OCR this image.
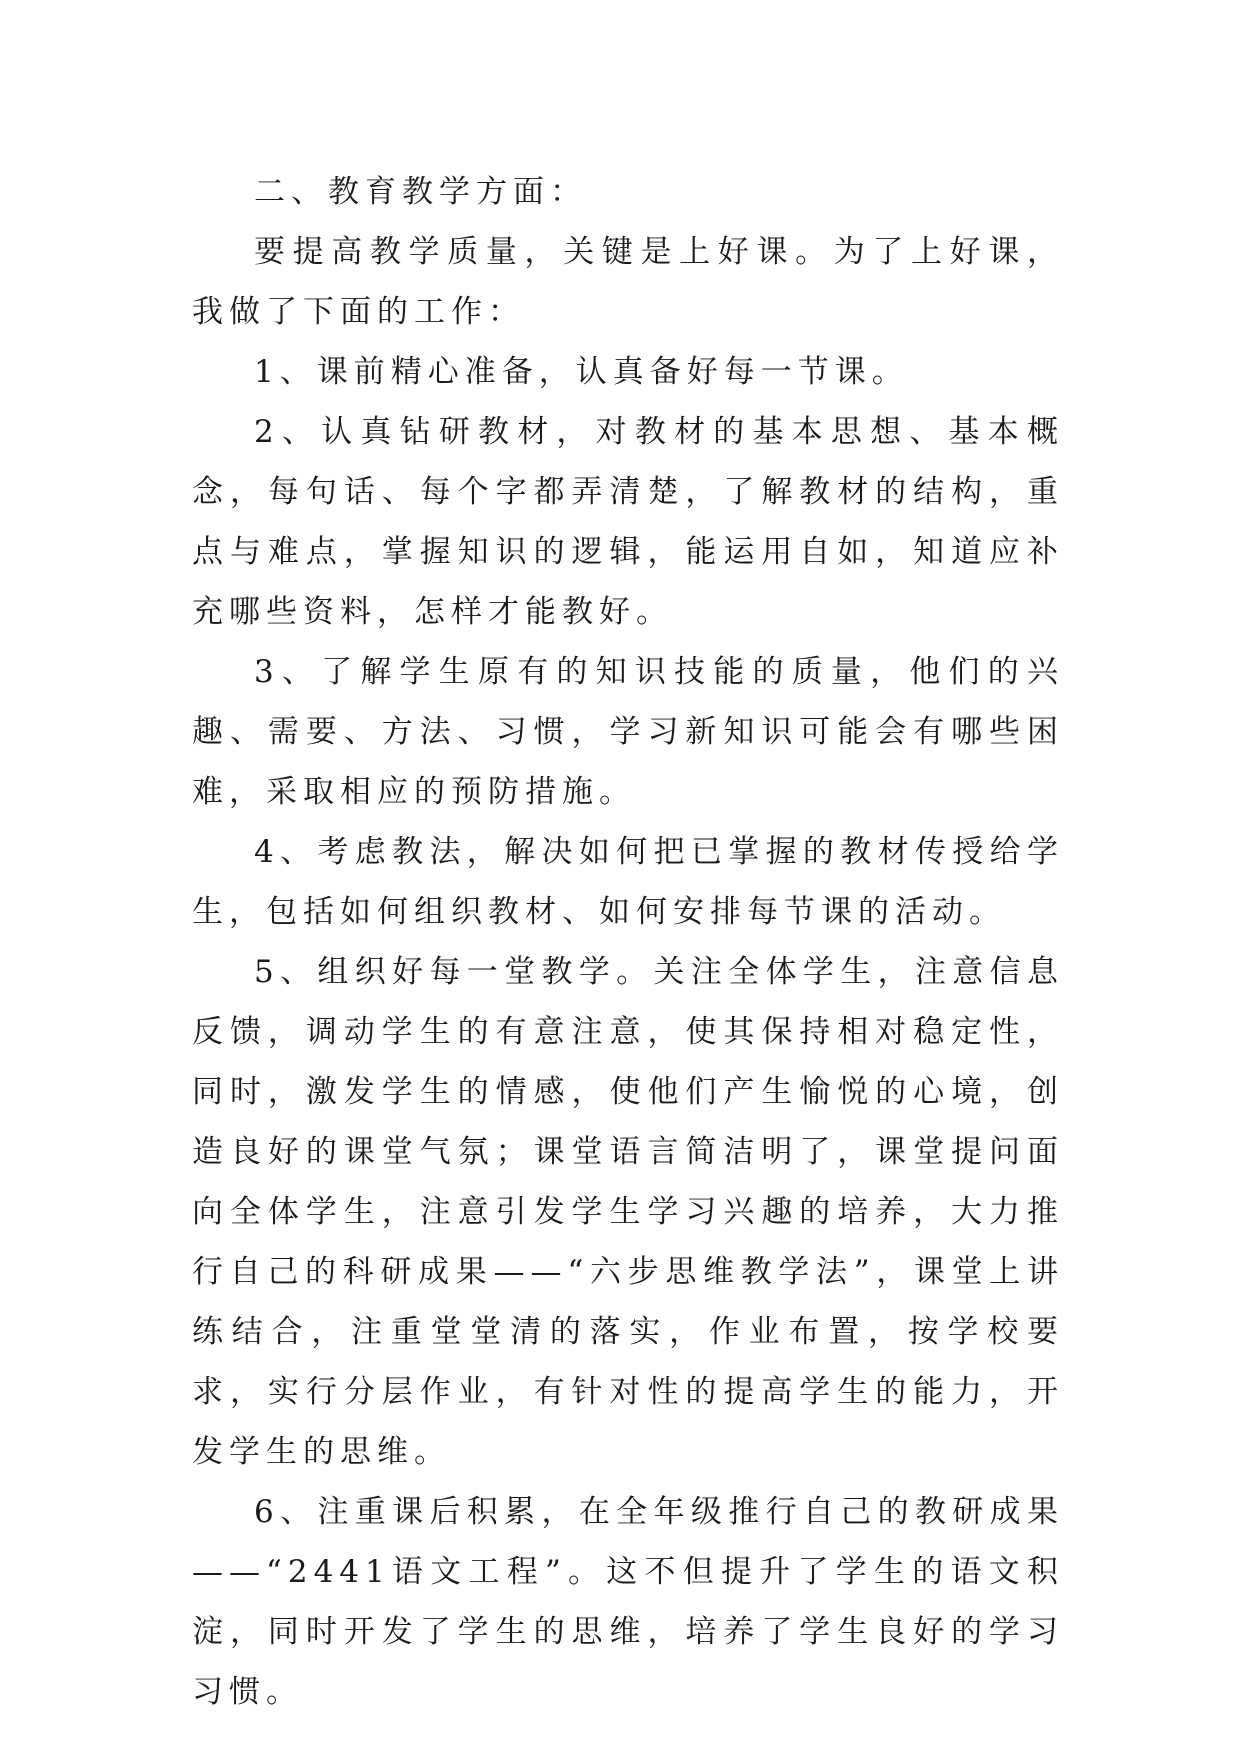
二、教育教学方面：

要提高教学质量，关键是上好课。为了上好课，我做了下面的工作：

1、课前精心准备，认真备好每一节课。

2、认真钻研教材，对教材的基本思想、基本概念，每句话、每个字都弄清楚，了解教材的结构，重点与难点，掌握知识的逻辑，能运用自如，知道应补充哪些资料，怎样才能教好。

3、了解学生原有的知识技能的质量，他们的兴趣、需要、方法、习惯，学习新知识可能会有哪些困难，采取相应的预防措施。

4、考虑教法，解决如何把已掌握的教材传授给学生，包括如何组织教材、如何安排每节课的活动。

5、组织好每一堂教学。关注全体学生，注意信息反馈，调动学生的有意注意，使其保持相对稳定性，同时，激发学生的情感，使他们产生愉悦的心境，创造良好的课堂气氛；课堂语言简洁明了，课堂提问面向全体学生，注意引发学生学习兴趣的培养，大力推行自己的科研成果——“六步思维教学法”，课堂上讲练结合，注重堂堂清的落实，作业布置，按学校要求，实行分层作业，有针对性的提高学生的能力，开发学生的思维。

6、注重课后积累，在全年级推行自己的教研成果——“2441语文工程”。这不但提升了学生的语文积淀，同时开发了学生的思维，培养了学生良好的学习习惯。
